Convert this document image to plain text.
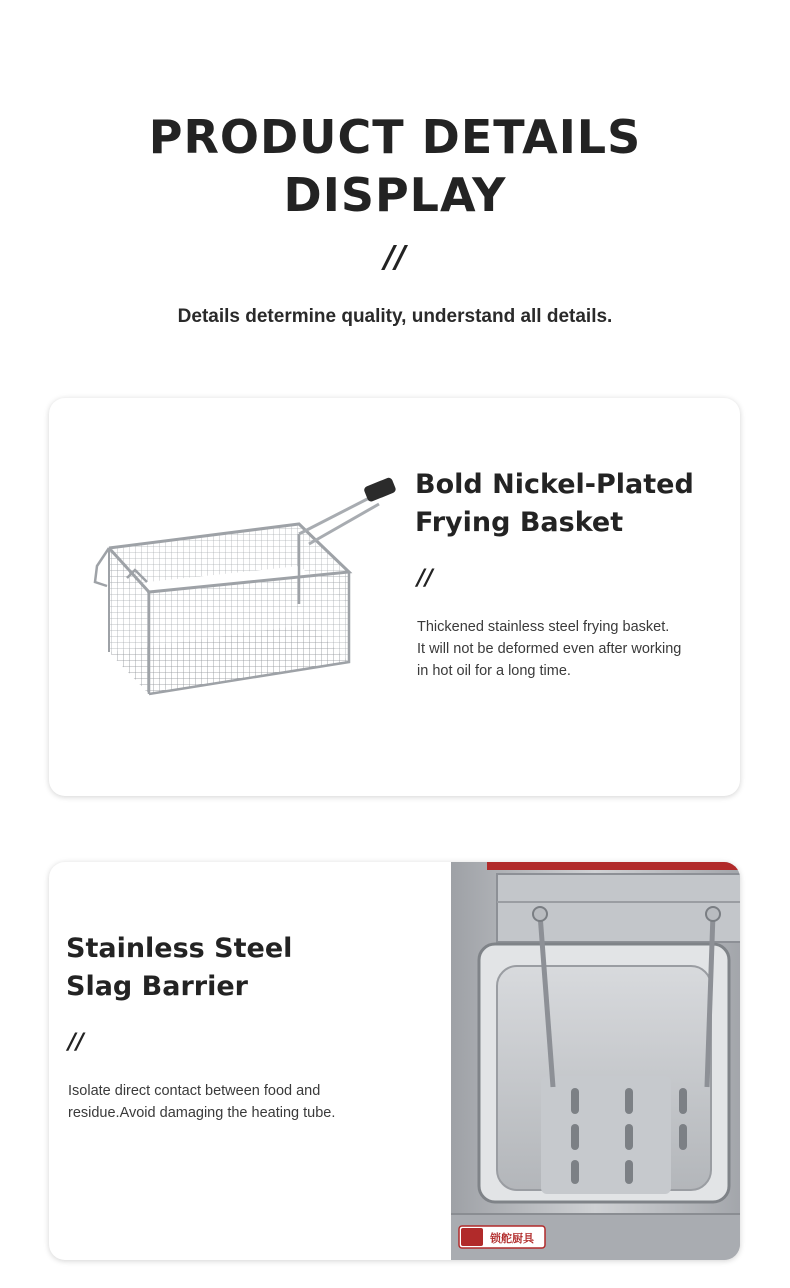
PRODUCT DETAILS
DISPLAY
//
Details determine quality, understand all details.
Bold Nickel-Plated
Frying Basket
//
Thickened stainless steel frying basket.
It will not be deformed even after working
in hot oil for a long time.
Stainless Steel
Slag Barrier
//
Isolate direct contact between food and
residue.Avoid damaging the heating tube.
锁舵厨具
